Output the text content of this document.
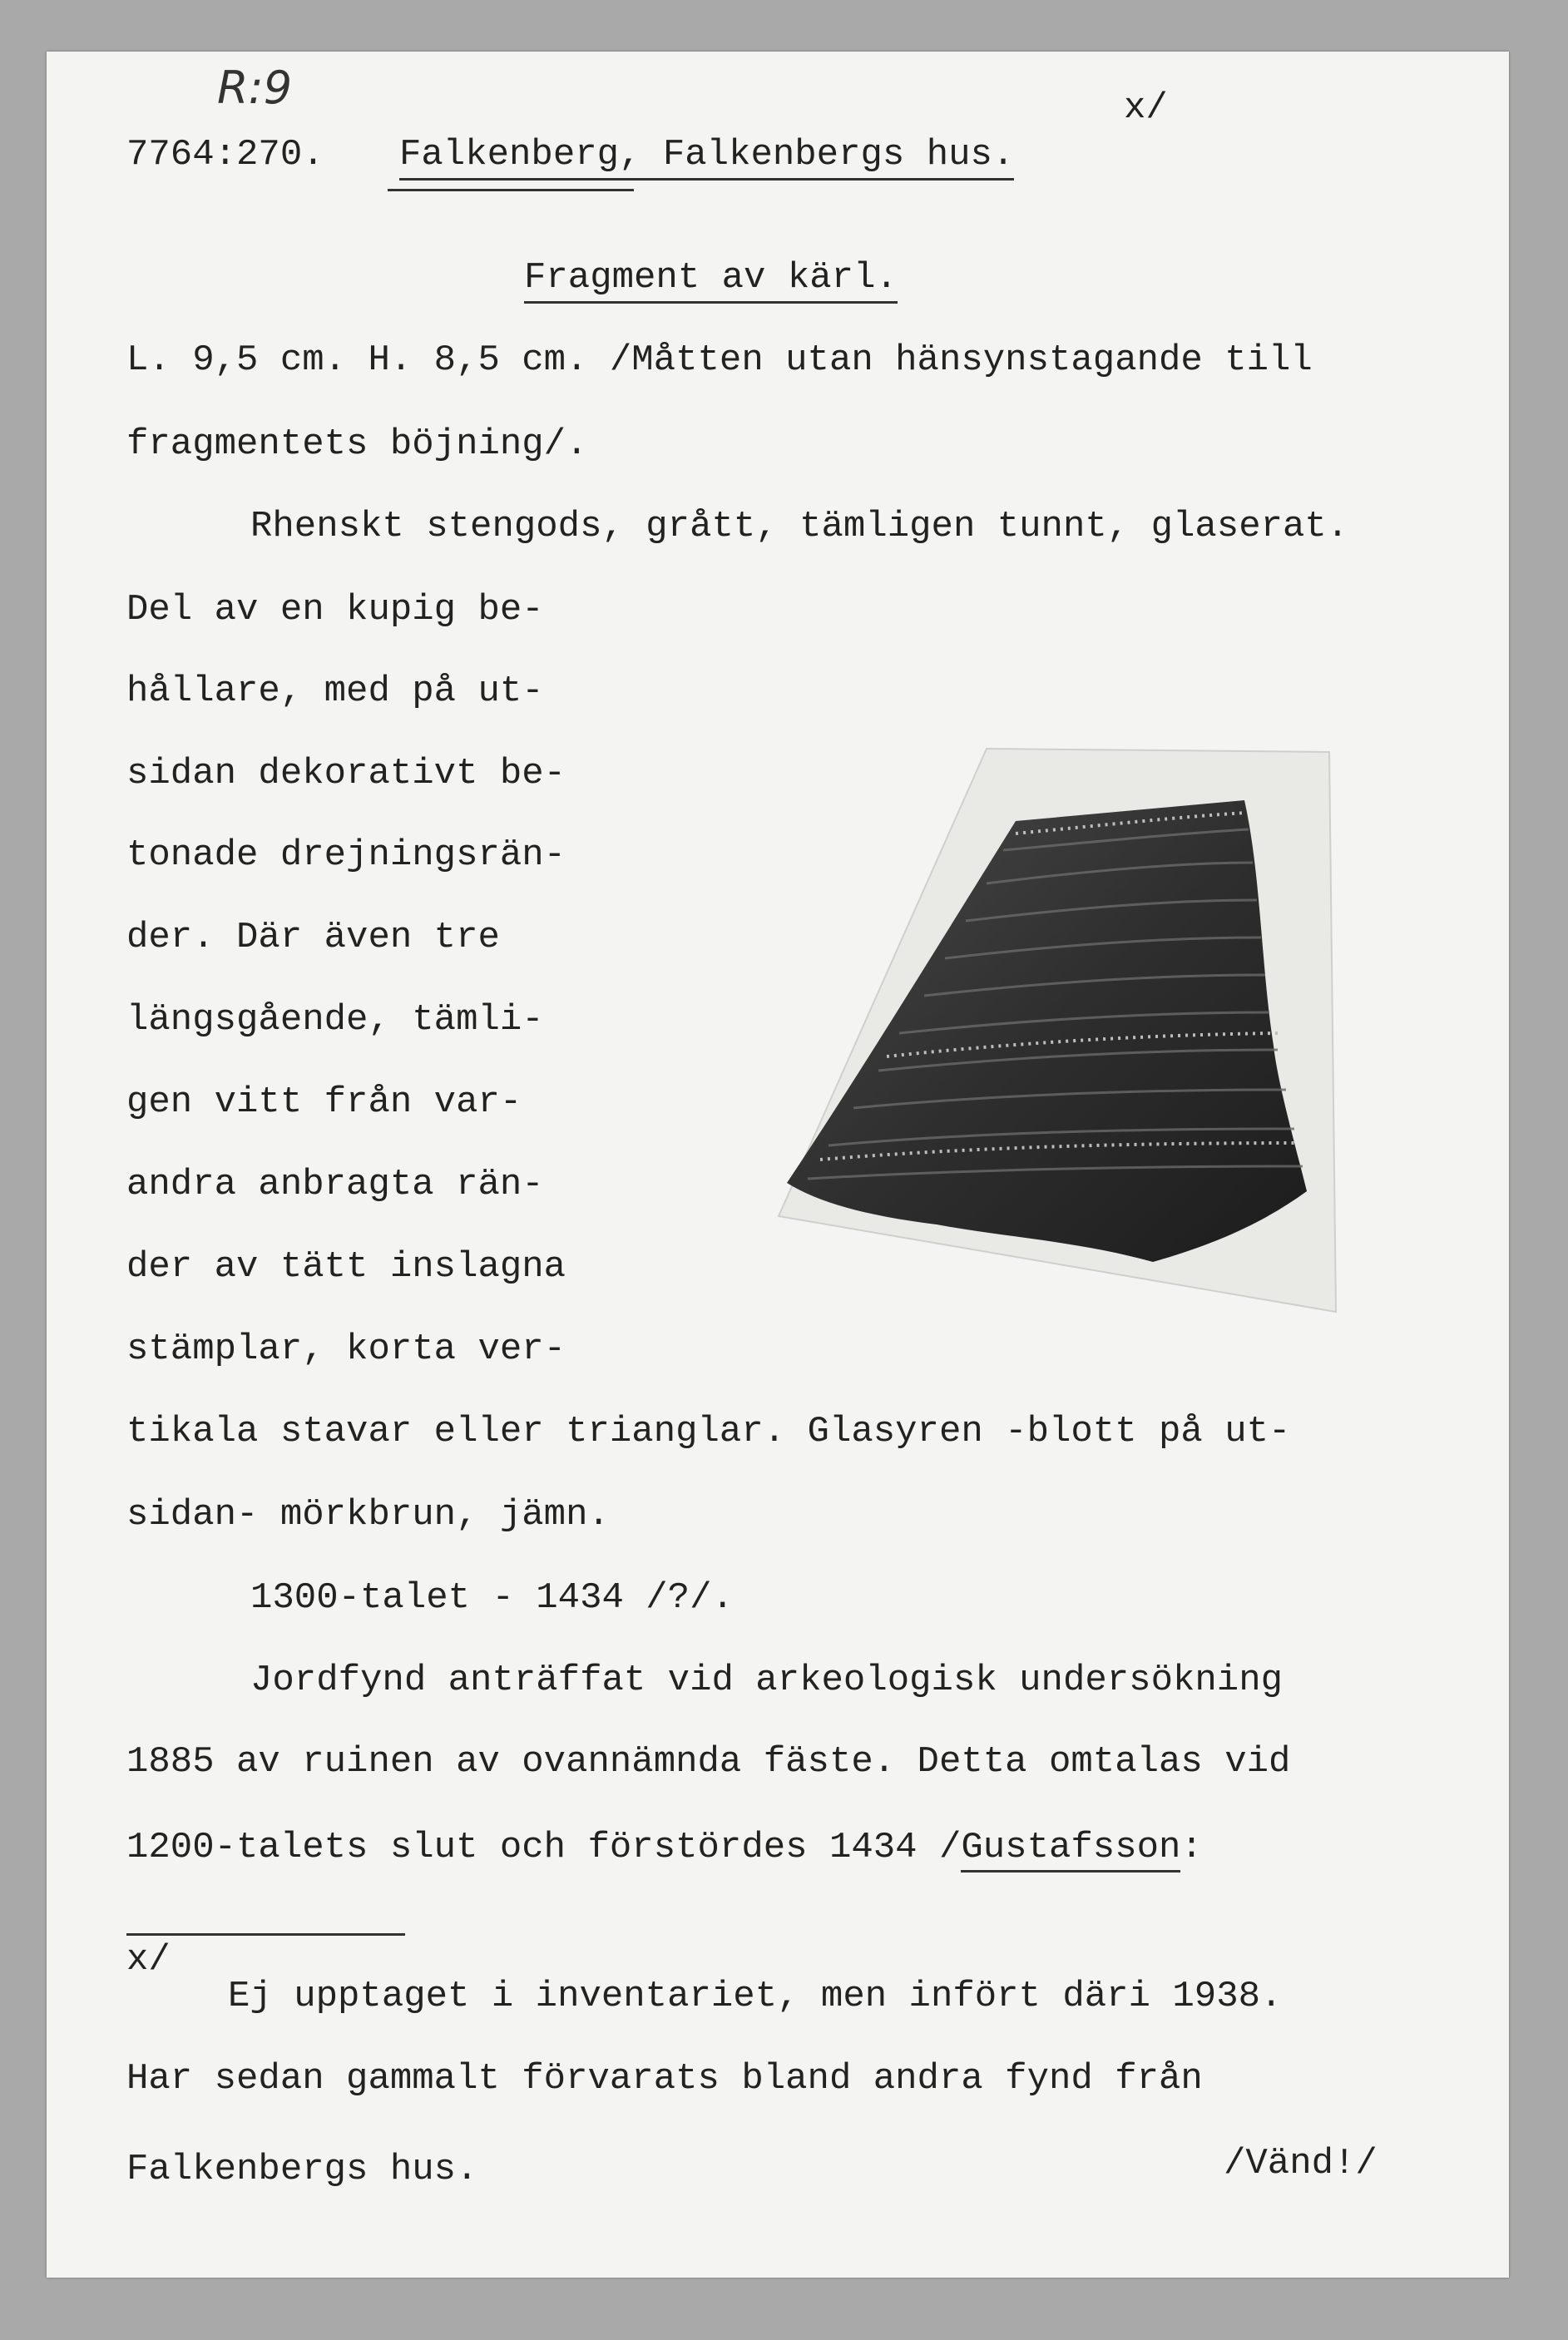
R:9	x/
7764:270. Falkenberg, Falkenbergs hus.
Fragment av kärl.
L. 9,5 cm. H. 8,5 cm. /Måtten utan hänsynstagande till
fragmentets böjning/.
Rhenskt stengods, grått, tämligen tunnt, glaserat.
Del av en kupig be-
hållare, med på ut-
sidan dekorativt be-
tonade drejningsrän-
der. Där även tre
längsgående, tämli-
gen vitt från var-
andra anbragta rän-
der av tätt inslagna
stämplar, korta ver-
tikala stavar eller trianglar. Glasyren -blott på ut-
sidan- mörkbrun, jämn.
1300-talet - 1434 /?/.
Jordfynd anträffat vid arkeologisk undersökning
1885 av ruinen av ovannämnda fäste. Detta omtalas vid
1200-talets slut och förstördes 1434 /Gustafsson:
x/
Ej upptaget i inventariet, men infört däri 1938.
Har sedan gammalt förvarats bland andra fynd från
Falkenbergs hus.	/Vänd!/
